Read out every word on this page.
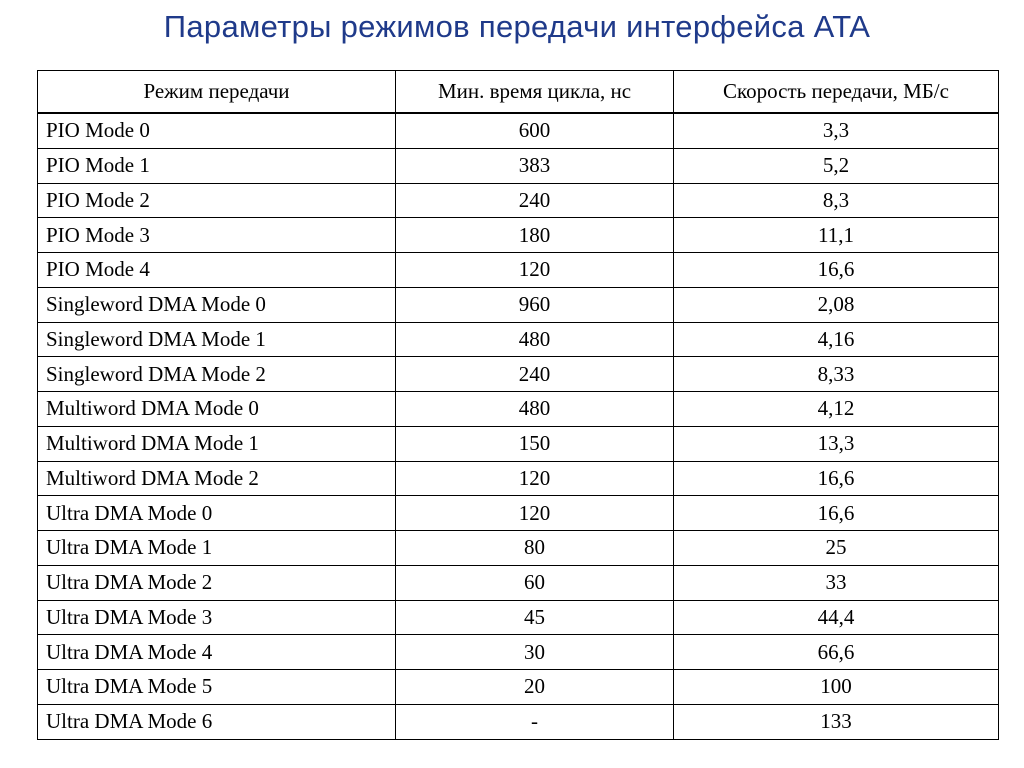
Параметры режимов передачи интерфейса ATA
Режим передачи	Мин. время цикла, нс	Скорость передачи, МБ/с
PIO Mode 0	600	3,3
PIO Mode 1	383	5,2
PIO Mode 2	240	8,3
PIO Mode 3	180	11,1
PIO Mode 4	120	16,6
Singleword DMA Mode 0	960	2,08
Singleword DMA Mode 1	480	4,16
Singleword DMA Mode 2	240	8,33
Multiword DMA Mode 0	480	4,12
Multiword DMA Mode 1	150	13,3
Multiword DMA Mode 2	120	16,6
Ultra DMA Mode 0	120	16,6
Ultra DMA Mode 1	80	25
Ultra DMA Mode 2	60	33
Ultra DMA Mode 3	45	44,4
Ultra DMA Mode 4	30	66,6
Ultra DMA Mode 5	20	100
Ultra DMA Mode 6	-	133
